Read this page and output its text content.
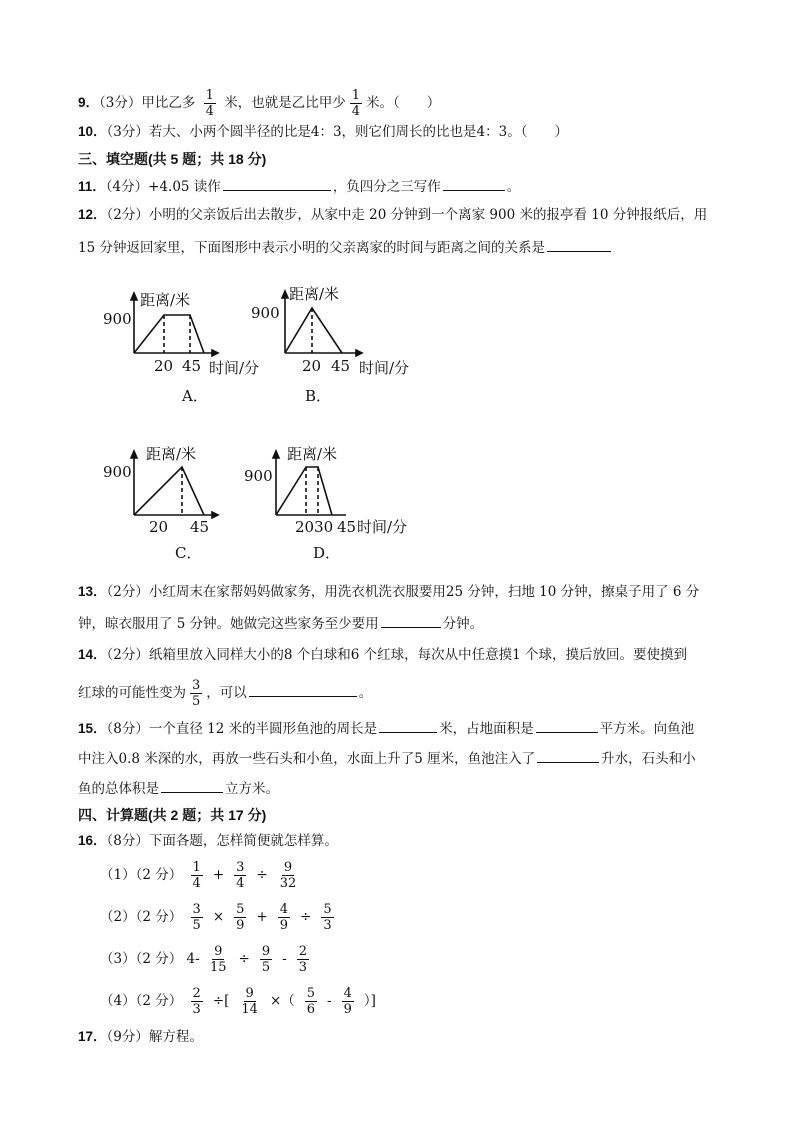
9．（3分）甲比乙多 $\frac{1}{4}$ 米，也就是乙比甲少 $\frac{1}{4}$ 米。（　　）
10．（3分）若大、小两个圆半径的比是4：3，则它们周长的比也是4：3。（　　）
三、填空题(共 5 题；共 18 分)
11．（4分）+4.05 读作	，负四分之三写作	。
12．（2分）小明的父亲饭后出去散步，从家中走 20 分钟到一个离家 900 米的报亭看 10 分钟报纸后，用
15 分钟返回家里，下面图形中表示小明的父亲离家的时间与距离之间的关系是
距离/米
900
20 45 时间/分
A．
距离/米
900
20 45 时间/分
B．
距离/米
900
20 45
C．
距离/米
900
2030 45 时间/分
D．
13．（2分）小红周末在家帮妈妈做家务，用洗衣机洗衣服要用25 分钟，扫地 10 分钟，擦桌子用了 6 分
钟，晾衣服用了 5 分钟。她做完这些家务至少要用	分钟。
14．（2分）纸箱里放入同样大小的8 个白球和6 个红球，每次从中任意摸1 个球，摸后放回。要使摸到
红球的可能性变为 $\frac{3}{5}$ ，可以	。
15．（8分）一个直径 12 米的半圆形鱼池的周长是	米，占地面积是	平方米。向鱼池
中注入0.8 米深的水，再放一些石头和小鱼，水面上升了5 厘米，鱼池注入了	升水，石头和小
鱼的总体积是	立方米。
四、计算题(共 2 题；共 17 分)
16．（8分）下面各题，怎样简便就怎样算。
（1）（2 分） $\frac{1}{4} + \frac{3}{4} \div \frac{9}{32}$
（2）（2 分） $\frac{3}{5} \times \frac{5}{9} + \frac{4}{9} \div \frac{5}{3}$
（3）（2 分） $4- \frac{9}{15} \div \frac{9}{5} - \frac{2}{3}$
（4）（2 分） $\frac{2}{3}$ ÷[ $\frac{9}{14}$ ×（ $\frac{5}{6} - \frac{4}{9}$ ）]
17．（9分）解方程。
